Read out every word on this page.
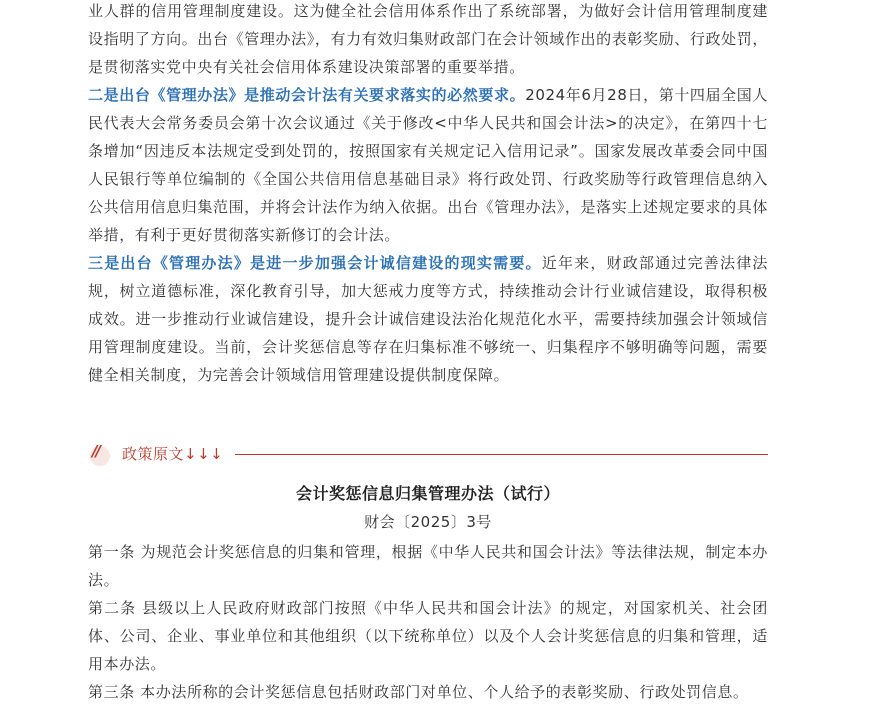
业人群的信用管理制度建设。这为健全社会信用体系作出了系统部署，为做好会计信用管理制度建设指明了方向。出台《管理办法》，有力有效归集财政部门在会计领域作出的表彰奖励、行政处罚，是贯彻落实党中央有关社会信用体系建设决策部署的重要举措。

二是出台《管理办法》是推动会计法有关要求落实的必然要求。2024年6月28日，第十四届全国人民代表大会常务委员会第十次会议通过《关于修改<中华人民共和国会计法>的决定》，在第四十七条增加“因违反本法规定受到处罚的，按照国家有关规定记入信用记录”。国家发展改革委会同中国人民银行等单位编制的《全国公共信用信息基础目录》将行政处罚、行政奖励等行政管理信息纳入公共信用信息归集范围，并将会计法作为纳入依据。出台《管理办法》，是落实上述规定要求的具体举措，有利于更好贯彻落实新修订的会计法。

三是出台《管理办法》是进一步加强会计诚信建设的现实需要。近年来，财政部通过完善法律法规，树立道德标准，深化教育引导，加大惩戒力度等方式，持续推动会计行业诚信建设，取得积极成效。进一步推动行业诚信建设，提升会计诚信建设法治化规范化水平，需要持续加强会计领域信用管理制度建设。当前，会计奖惩信息等存在归集标准不够统一、归集程序不够明确等问题，需要健全相关制度，为完善会计领域信用管理建设提供制度保障。

// 政策原文↓↓↓

会计奖惩信息归集管理办法（试行）

财会〔2025〕3号

第一条 为规范会计奖惩信息的归集和管理，根据《中华人民共和国会计法》等法律法规，制定本办法。

第二条 县级以上人民政府财政部门按照《中华人民共和国会计法》的规定，对国家机关、社会团体、公司、企业、事业单位和其他组织（以下统称单位）以及个人会计奖惩信息的归集和管理，适用本办法。

第三条 本办法所称的会计奖惩信息包括财政部门对单位、个人给予的表彰奖励、行政处罚信息。
